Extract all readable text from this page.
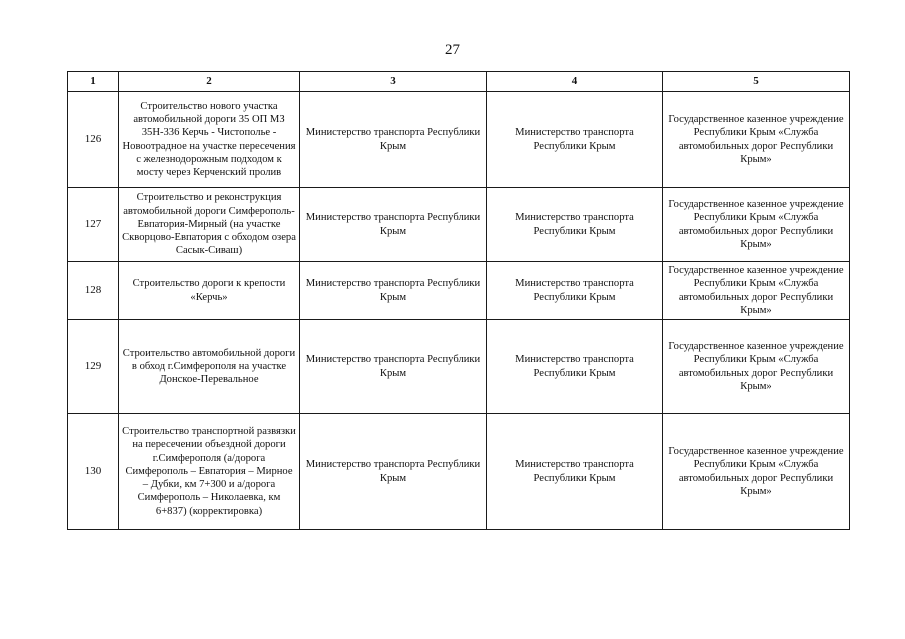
27
1	2	3	4	5
126	Строительство нового участка автомобильной дороги 35 ОП МЗ 35Н-336 Керчь - Чистополье - Новоотрадное на участке пересечения с железнодорожным подходом к мосту через Керченский пролив	Министерство транспорта Республики Крым	Министерство транспорта Республики Крым	Государственное казенное учреждение Республики Крым «Служба автомобильных дорог Республики Крым»
127	Строительство и реконструкция автомобильной дороги Симферополь-Евпатория-Мирный (на участке Скворцово-Евпатория с обходом озера Сасык-Сиваш)	Министерство транспорта Республики Крым	Министерство транспорта Республики Крым	Государственное казенное учреждение Республики Крым «Служба автомобильных дорог Республики Крым»
128	Строительство дороги к крепости «Керчь»	Министерство транспорта Республики Крым	Министерство транспорта Республики Крым	Государственное казенное учреждение Республики Крым «Служба автомобильных дорог Республики Крым»
129	Строительство автомобильной дороги в обход г.Симферополя на участке Донское-Перевальное	Министерство транспорта Республики Крым	Министерство транспорта Республики Крым	Государственное казенное учреждение Республики Крым «Служба автомобильных дорог Республики Крым»
130	Строительство транспортной развязки на пересечении объездной дороги г.Симферополя (а/дорога Симферополь – Евпатория – Мирное – Дубки, км 7+300 и а/дорога Симферополь – Николаевка, км 6+837) (корректировка)	Министерство транспорта Республики Крым	Министерство транспорта Республики Крым	Государственное казенное учреждение Республики Крым «Служба автомобильных дорог Республики Крым»
